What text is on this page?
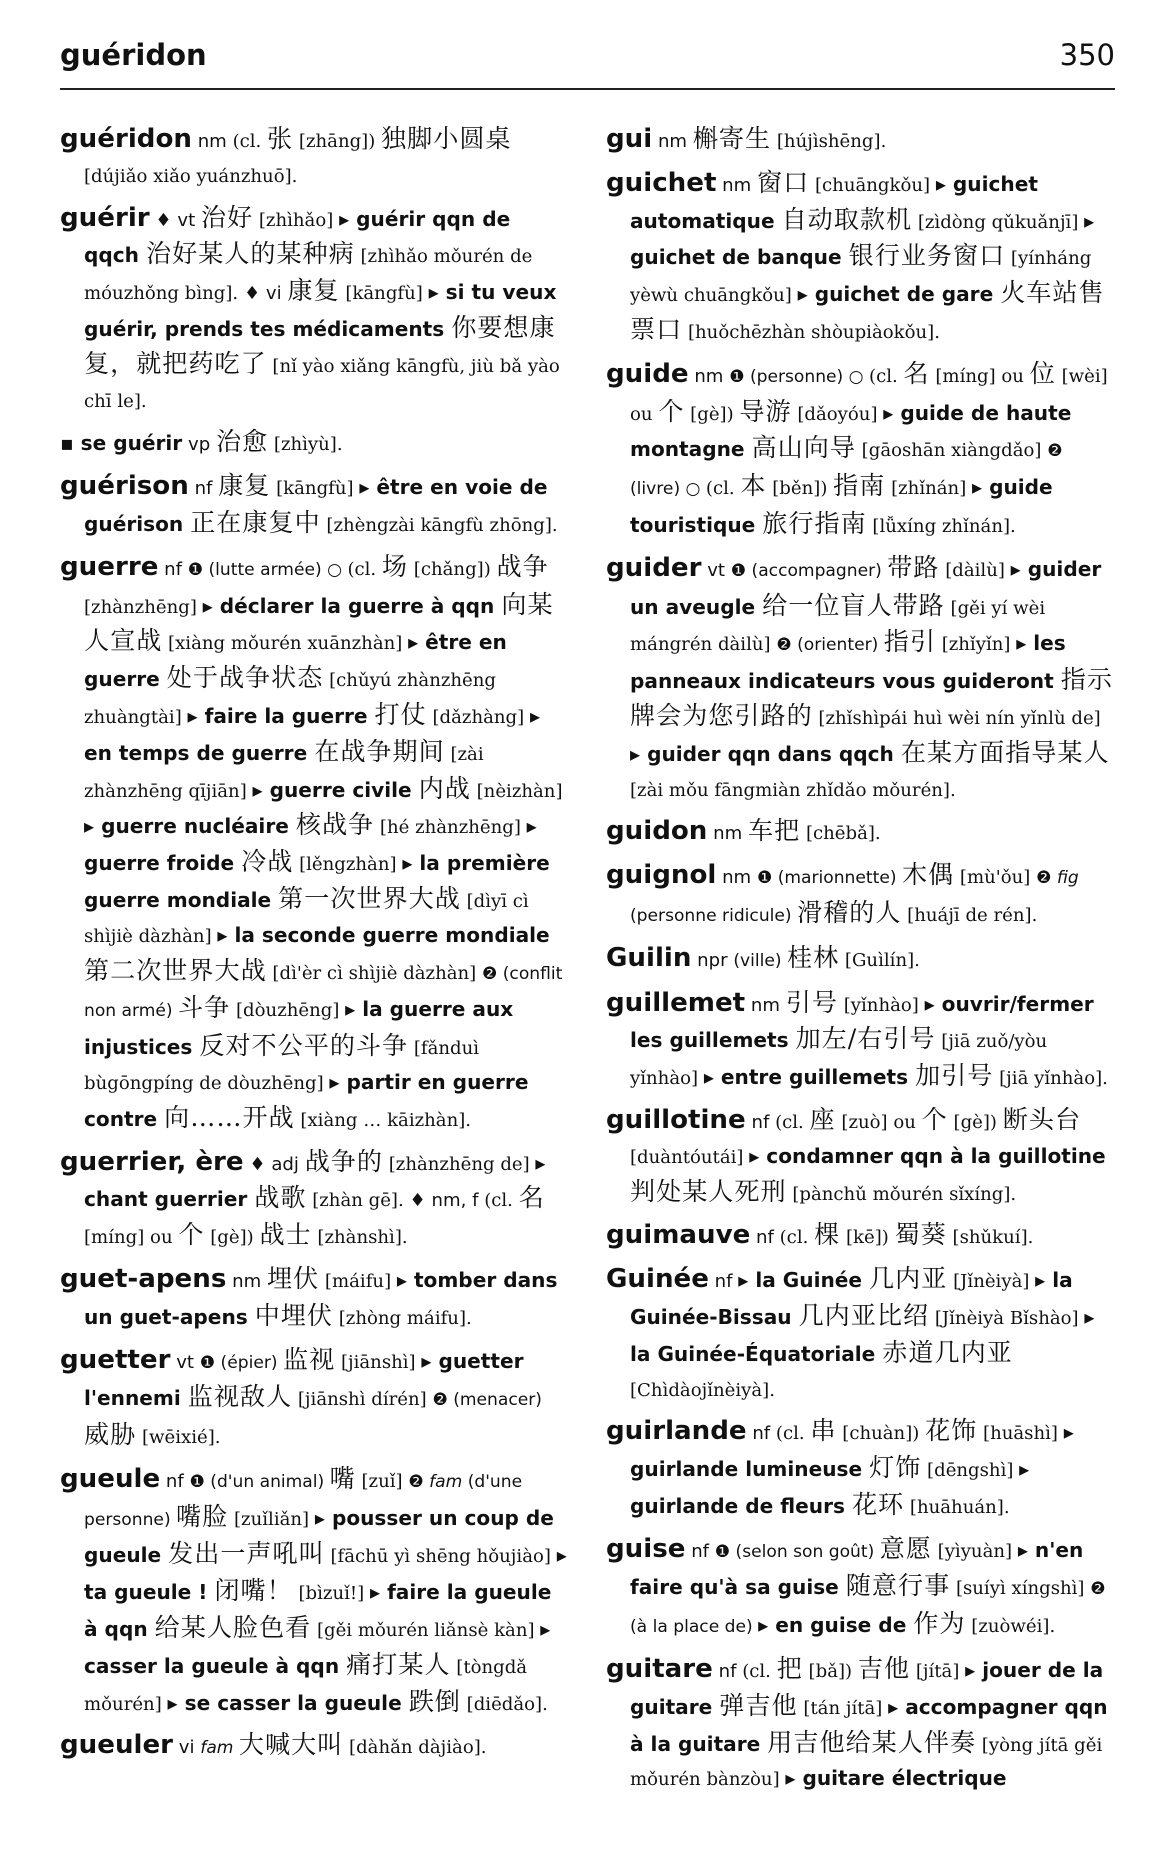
guéridon	350

guéridon nm (cl. 张 [zhāng]) 独脚小圆桌 [dújiǎo xiǎo yuánzhuō].

guérir ♦ vt 治好 [zhìhǎo] ▸ guérir qqn de qqch 治好某人的某种病 [zhìhǎo mǒurén de móuzhǒng bìng]. ♦ vi 康复 [kāngfù] ▸ si tu veux guérir, prends tes médicaments 你要想康复，就把药吃了 [nǐ yào xiǎng kāngfù, jiù bǎ yào chī le].

▪ se guérir vp 治愈 [zhìyù].

guérison nf 康复 [kāngfù] ▸ être en voie de guérison 正在康复中 [zhèngzài kāngfù zhōng].

guerre nf ❶ (lutte armée) ○ (cl. 场 [chǎng]) 战争 [zhànzhēng] ▸ déclarer la guerre à qqn 向某人宣战 [xiàng mǒurén xuānzhàn] ▸ être en guerre 处于战争状态 [chǔyú zhànzhēng zhuàngtài] ▸ faire la guerre 打仗 [dǎzhàng] ▸ en temps de guerre 在战争期间 [zài zhànzhēng qījiān] ▸ guerre civile 内战 [nèizhàn] ▸ guerre nucléaire 核战争 [hé zhànzhēng] ▸ guerre froide 冷战 [lěngzhàn] ▸ la première guerre mondiale 第一次世界大战 [dìyī cì shìjiè dàzhàn] ▸ la seconde guerre mondiale 第二次世界大战 [dì'èr cì shìjiè dàzhàn] ❷ (conflit non armé) 斗争 [dòuzhēng] ▸ la guerre aux injustices 反对不公平的斗争 [fǎnduì bùgōngpíng de dòuzhēng] ▸ partir en guerre contre 向……开战 [xiàng … kāizhàn].

guerrier, ère ♦ adj 战争的 [zhànzhēng de] ▸ chant guerrier 战歌 [zhàn gē]. ♦ nm, f (cl. 名 [míng] ou 个 [gè]) 战士 [zhànshì].

guet-apens nm 埋伏 [máifu] ▸ tomber dans un guet-apens 中埋伏 [zhòng máifu].

guetter vt ❶ (épier) 监视 [jiānshì] ▸ guetter l'ennemi 监视敌人 [jiānshì dírén] ❷ (menacer) 威胁 [wēixié].

gueule nf ❶ (d'un animal) 嘴 [zuǐ] ❷ fam (d'une personne) 嘴脸 [zuǐliǎn] ▸ pousser un coup de gueule 发出一声吼叫 [fāchū yì shēng hǒujiào] ▸ ta gueule ! 闭嘴！ [bìzuǐ!] ▸ faire la gueule à qqn 给某人脸色看 [gěi mǒurén liǎnsè kàn] ▸ casser la gueule à qqn 痛打某人 [tòngdǎ mǒurén] ▸ se casser la gueule 跌倒 [diēdǎo].

gueuler vi fam 大喊大叫 [dàhǎn dàjiào].

gui nm 槲寄生 [hújìshēng].

guichet nm 窗口 [chuāngkǒu] ▸ guichet automatique 自动取款机 [zìdòng qǔkuǎnjī] ▸ guichet de banque 银行业务窗口 [yínháng yèwù chuāngkǒu] ▸ guichet de gare 火车站售票口 [huǒchēzhàn shòupiàokǒu].

guide nm ❶ (personne) ○ (cl. 名 [míng] ou 位 [wèi] ou 个 [gè]) 导游 [dǎoyóu] ▸ guide de haute montagne 高山向导 [gāoshān xiàngdǎo] ❷ (livre) ○ (cl. 本 [běn]) 指南 [zhǐnán] ▸ guide touristique 旅行指南 [lǚxíng zhǐnán].

guider vt ❶ (accompagner) 带路 [dàilù] ▸ guider un aveugle 给一位盲人带路 [gěi yí wèi mángrén dàilù] ❷ (orienter) 指引 [zhǐyǐn] ▸ les panneaux indicateurs vous guideront 指示牌会为您引路的 [zhǐshìpái huì wèi nín yǐnlù de] ▸ guider qqn dans qqch 在某方面指导某人 [zài mǒu fāngmiàn zhǐdǎo mǒurén].

guidon nm 车把 [chēbǎ].

guignol nm ❶ (marionnette) 木偶 [mù'ǒu] ❷ fig (personne ridicule) 滑稽的人 [huájī de rén].

Guilin npr (ville) 桂林 [Guìlín].

guillemet nm 引号 [yǐnhào] ▸ ouvrir/fermer les guillemets 加左/右引号 [jiā zuǒ/yòu yǐnhào] ▸ entre guillemets 加引号 [jiā yǐnhào].

guillotine nf (cl. 座 [zuò] ou 个 [gè]) 断头台 [duàntóutái] ▸ condamner qqn à la guillotine 判处某人死刑 [pànchǔ mǒurén sǐxíng].

guimauve nf (cl. 棵 [kē]) 蜀葵 [shǔkuí].

Guinée nf ▸ la Guinée 几内亚 [Jǐnèiyà] ▸ la Guinée-Bissau 几内亚比绍 [Jǐnèiyà Bǐshào] ▸ la Guinée-Équatoriale 赤道几内亚 [Chìdàojǐnèiyà].

guirlande nf (cl. 串 [chuàn]) 花饰 [huāshì] ▸ guirlande lumineuse 灯饰 [dēngshì] ▸ guirlande de fleurs 花环 [huāhuán].

guise nf ❶ (selon son goût) 意愿 [yìyuàn] ▸ n'en faire qu'à sa guise 随意行事 [suíyì xíngshì] ❷ (à la place de) ▸ en guise de 作为 [zuòwéi].

guitare nf (cl. 把 [bǎ]) 吉他 [jítā] ▸ jouer de la guitare 弹吉他 [tán jítā] ▸ accompagner qqn à la guitare 用吉他给某人伴奏 [yòng jítā gěi mǒurén bànzòu] ▸ guitare électrique
